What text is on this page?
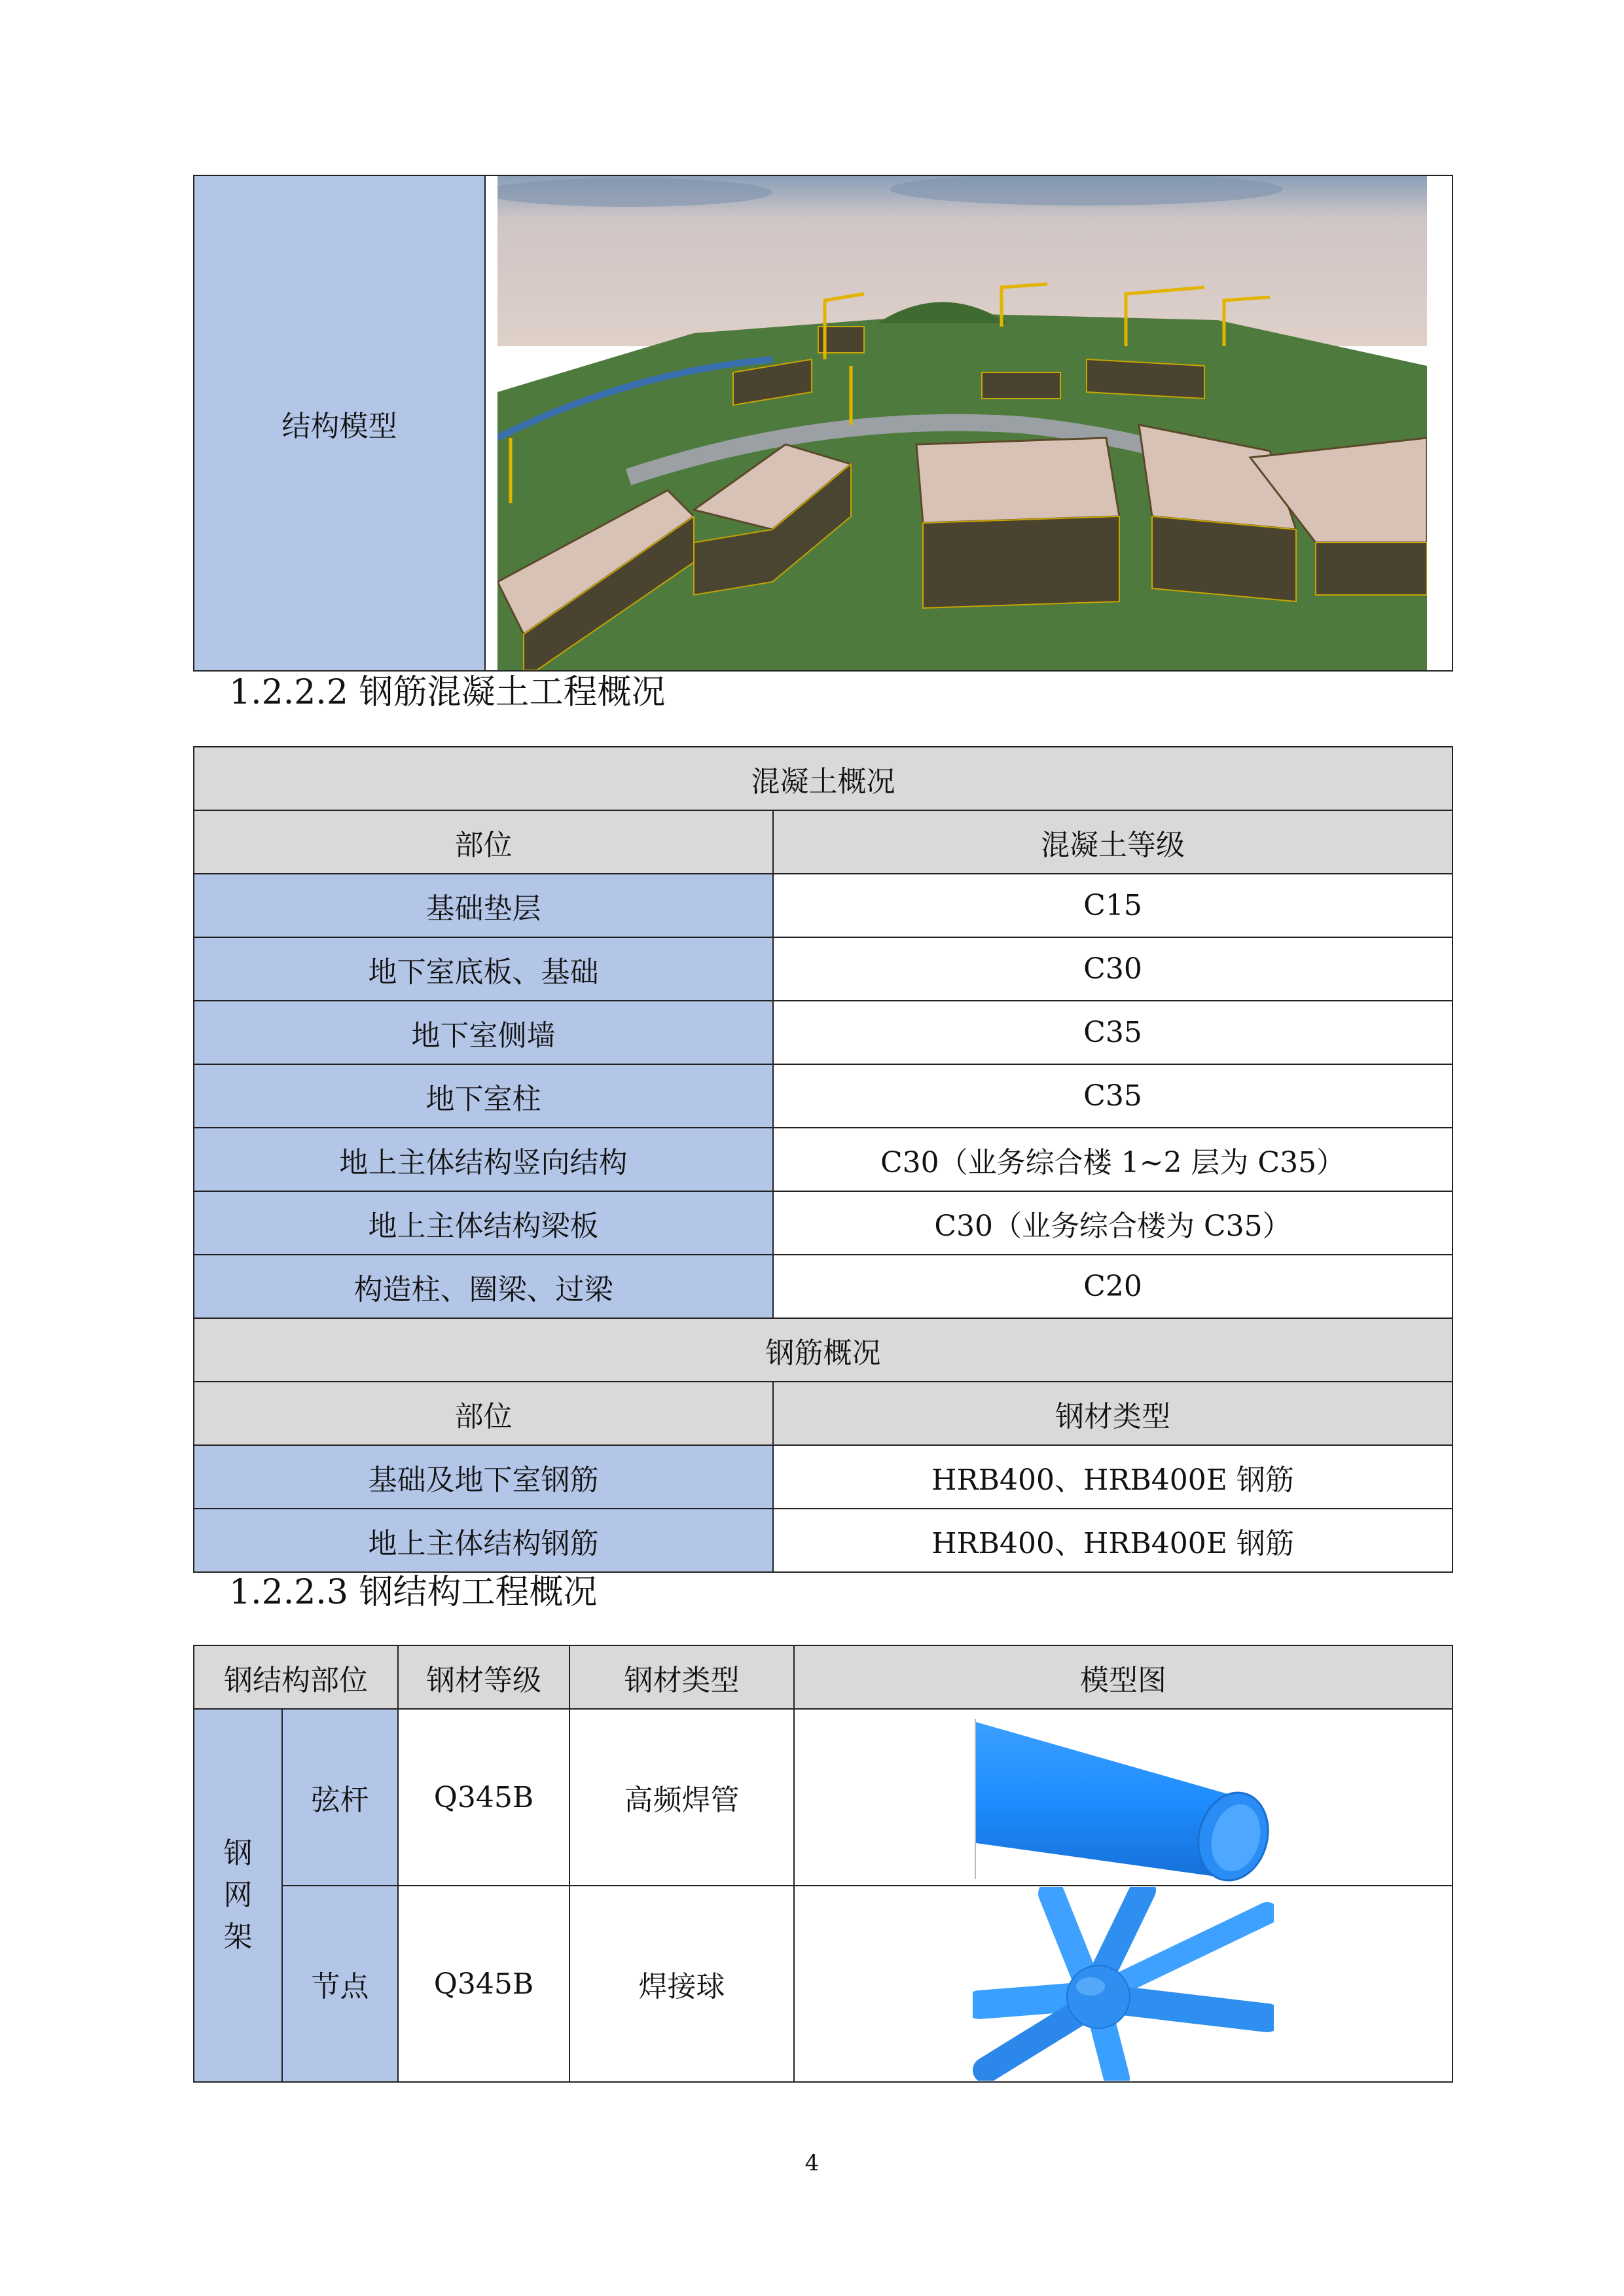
结构模型	
1.2.2.2 钢筋混凝土工程概况
混凝土概况	
部位	混凝土等级
基础垫层	C15
地下室底板、基础	C30
地下室侧墙	C35
地下室柱	C35
地上主体结构竖向结构	C30（业务综合楼 1~2 层为 C35）
地上主体结构梁板	C30（业务综合楼为 C35）
构造柱、圈梁、过梁	C20
钢筋概况	
部位	钢材类型
基础及地下室钢筋	HRB400、HRB400E 钢筋
地上主体结构钢筋	HRB400、HRB400E 钢筋
1.2.2.3 钢结构工程概况
钢结构部位		钢材等级	钢材类型	模型图
钢网架	弦杆	Q345B	高频焊管	

	节点	Q345B	焊接球	
4
